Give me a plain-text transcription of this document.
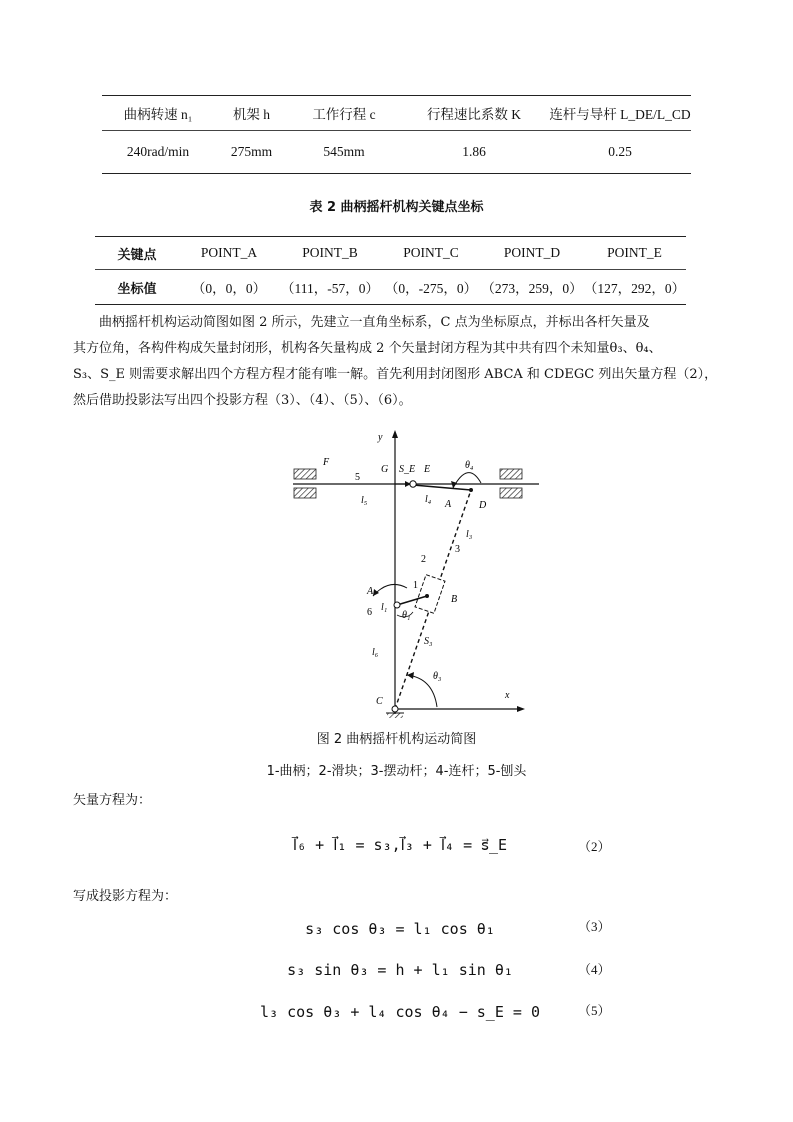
曲柄转速 n₁	机架 h	工作行程 c	行程速比系数 K	连杆与导杆 L_DE/L_CD
240rad/min	275mm	545mm	1.86	0.25
表 2 曲柄摇杆机构关键点坐标
关键点	POINT_A	POINT_B	POINT_C	POINT_D	POINT_E
坐标值	（0，0，0）	（111，-57，0）	（0，-275，0）	（273，259，0）	（127，292，0）
曲柄摇杆机构运动简图如图 2 所示，先建立一直角坐标系，C 点为坐标原点，并标出各杆矢量及
其方位角，各构件构成矢量封闭形，机构各矢量构成 2 个矢量封闭方程为其中共有四个未知量θ₃、θ₄、
S₃、S_E 则需要求解出四个方程方程才能有唯一解。首先利用封闭图形 ABCA 和 CDEGC 列出矢量方程（2），
然后借助投影法写出四个投影方程（3）、（4）、（5）、（6）。
y
x
F
G S_E E	θ₄
5
l₅	l₄ A	D
l₃
3
2
1
A
B
l₁
6	θ₁
S₃
l₆
θ₃
C
图 2 曲柄摇杆机构运动简图
1-曲柄；2-滑块；3-摆动杆；4-连杆；5-刨头
矢量方程为：
l⃗₆ + l⃗₁ = s₃,l⃗₃ + l⃗₄ = s⃗_E	（2）
写成投影方程为：
s₃ cos θ₃ = l₁ cos θ₁	（3）
s₃ sin θ₃ = h + l₁ sin θ₁	（4）
l₃ cos θ₃ + l₄ cos θ₄ − s_E = 0	（5）
